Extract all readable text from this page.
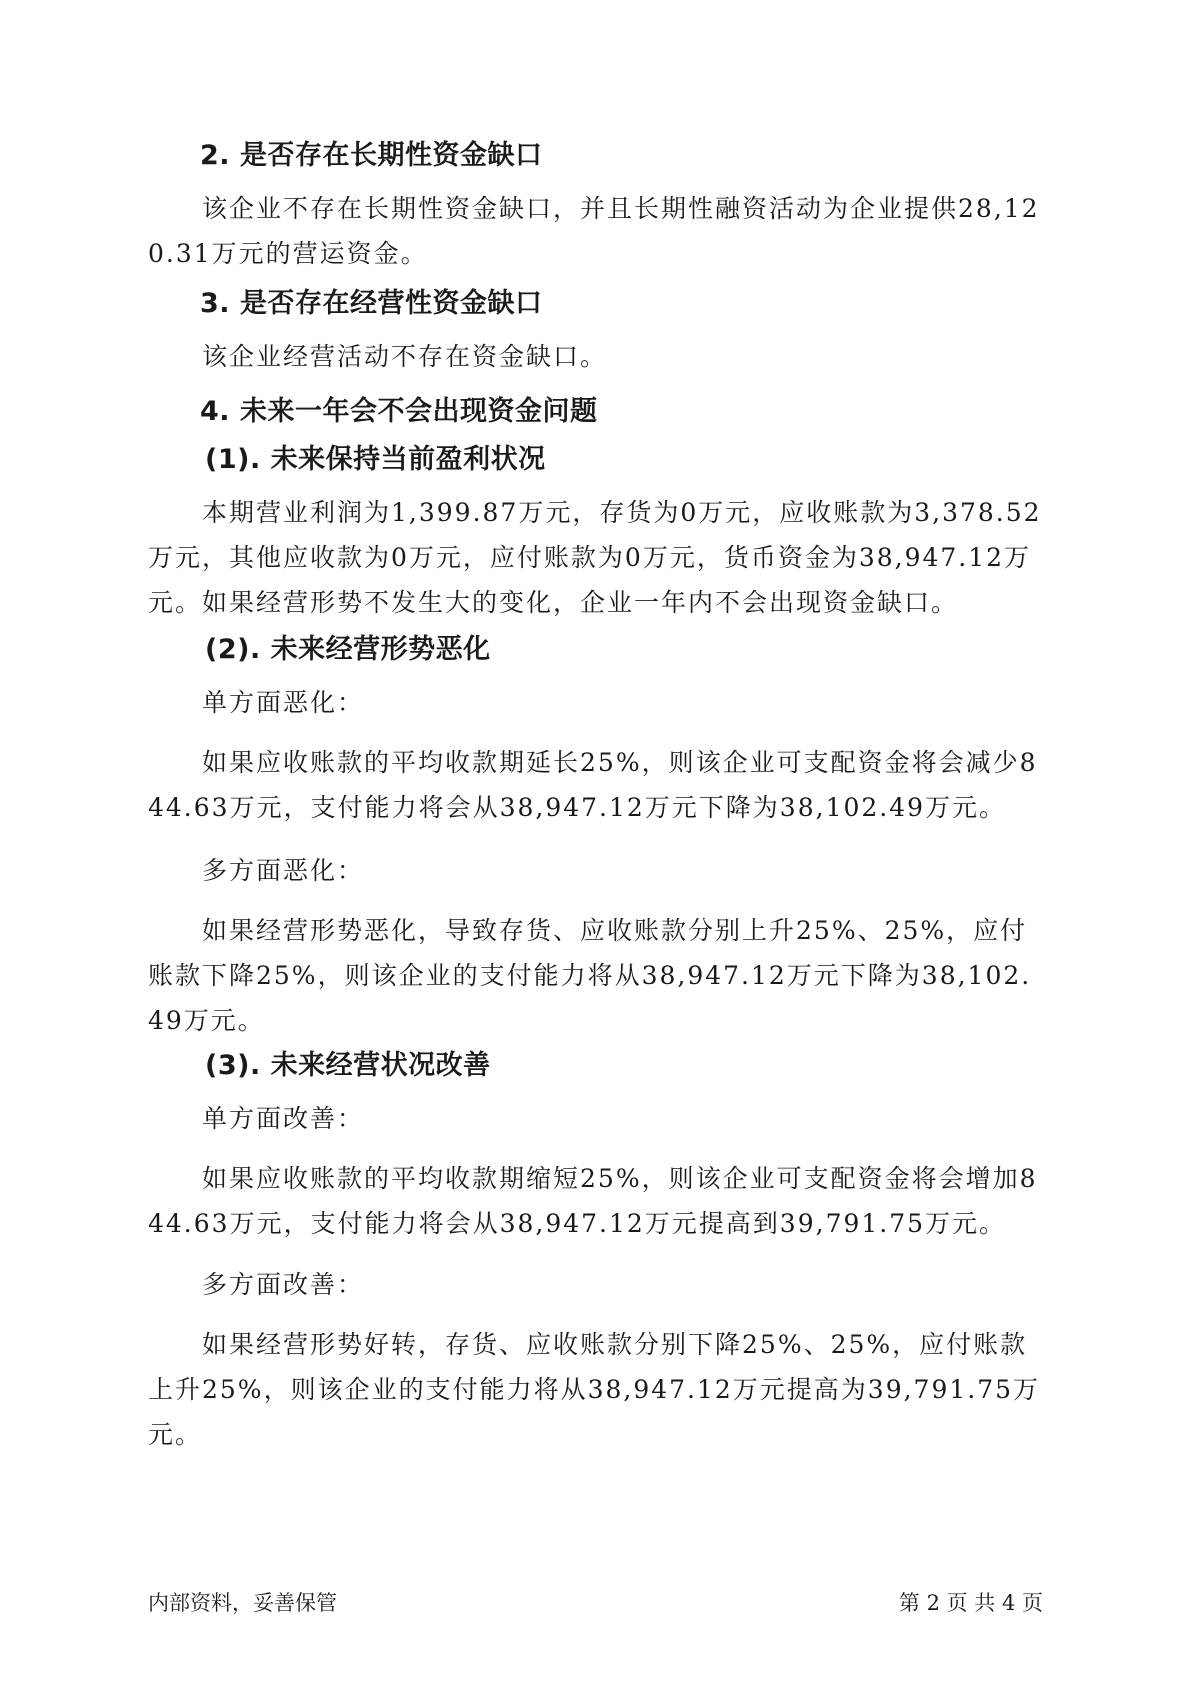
2. 是否存在长期性资金缺口
该企业不存在长期性资金缺口，并且长期性融资活动为企业提供28,120.31万元的营运资金。
3. 是否存在经营性资金缺口
该企业经营活动不存在资金缺口。
4. 未来一年会不会出现资金问题
(1). 未来保持当前盈利状况
本期营业利润为1,399.87万元，存货为0万元，应收账款为3,378.52万元，其他应收款为0万元，应付账款为0万元，货币资金为38,947.12万元。如果经营形势不发生大的变化，企业一年内不会出现资金缺口。
(2). 未来经营形势恶化
单方面恶化：
如果应收账款的平均收款期延长25%，则该企业可支配资金将会减少844.63万元，支付能力将会从38,947.12万元下降为38,102.49万元。
多方面恶化：
如果经营形势恶化，导致存货、应收账款分别上升25%、25%，应付账款下降25%，则该企业的支付能力将从38,947.12万元下降为38,102.49万元。
(3). 未来经营状况改善
单方面改善：
如果应收账款的平均收款期缩短25%，则该企业可支配资金将会增加844.63万元，支付能力将会从38,947.12万元提高到39,791.75万元。
多方面改善：
如果经营形势好转，存货、应收账款分别下降25%、25%，应付账款上升25%，则该企业的支付能力将从38,947.12万元提高为39,791.75万元。
内部资料，妥善保管	第 2 页 共 4 页
